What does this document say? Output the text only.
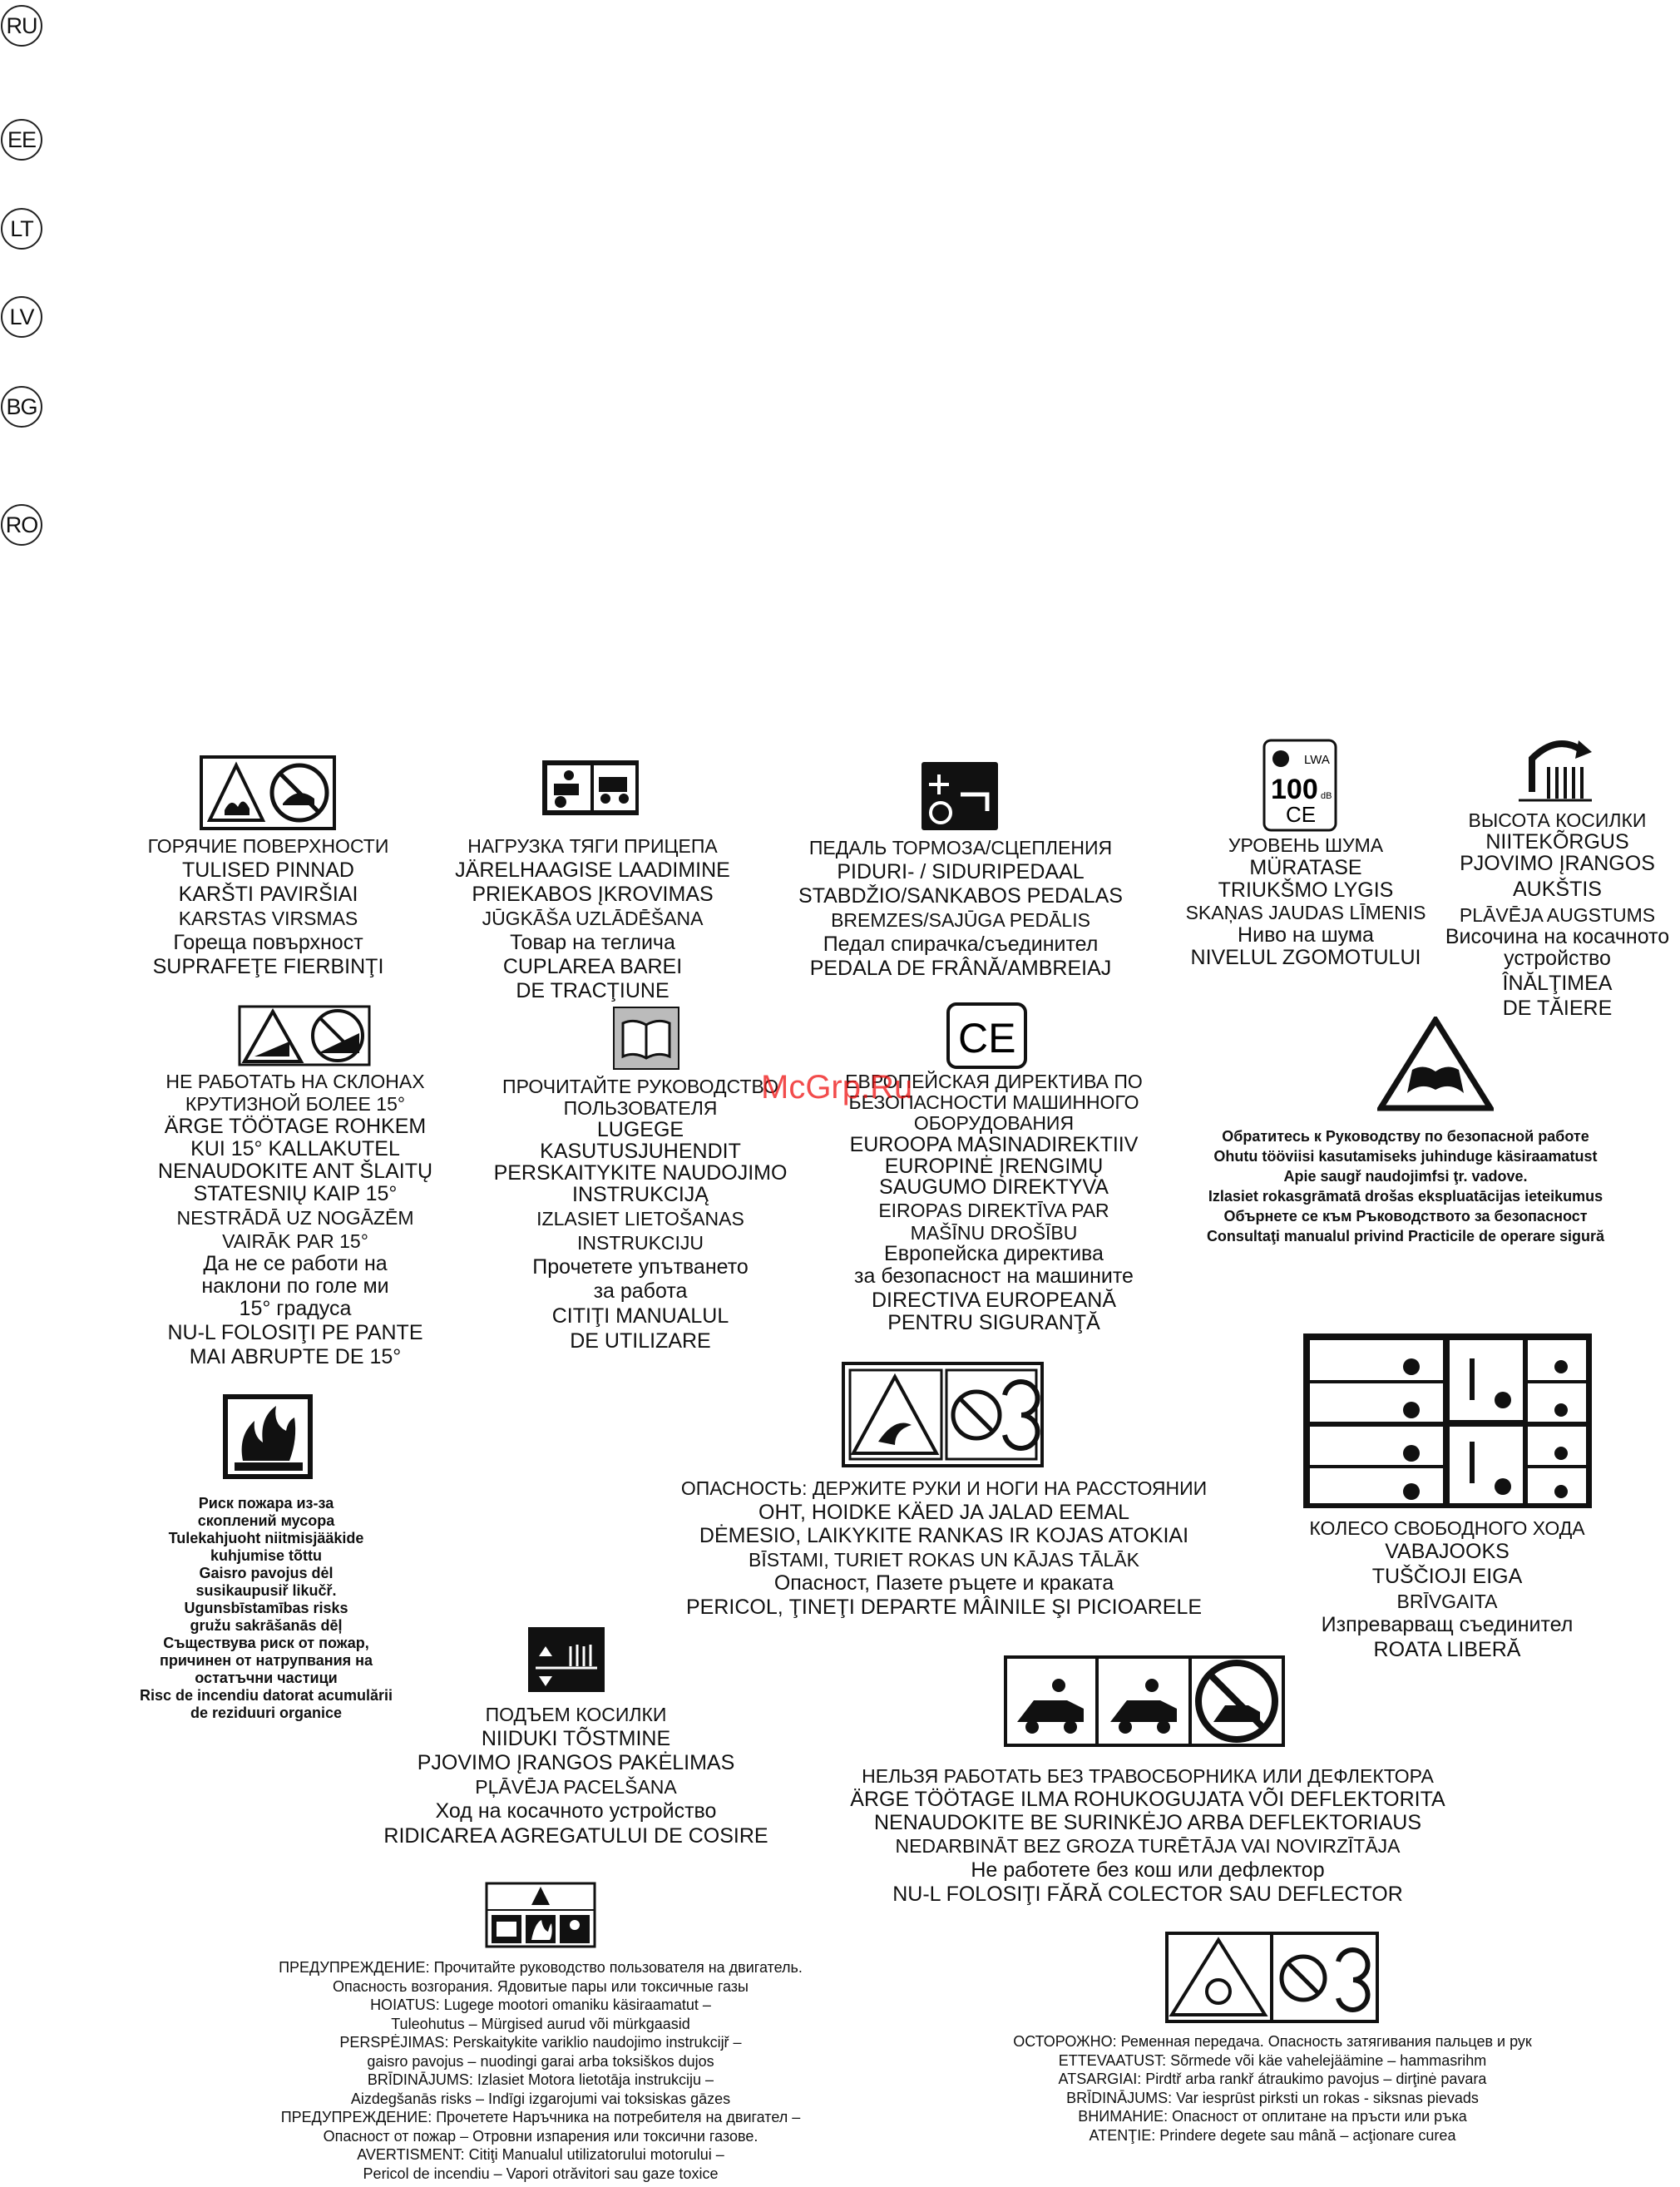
RU
EE
LT
LV
BG
RO
LWA
100 dB
CE
CE
ГОРЯЧИЕ ПОВЕРХНОСТИ
TULISED PINNAD
KARŠTI PAVIRŠIAI
KARSTAS VIRSMAS
Гореща повърхност
SUPRAFEŢE FIERBINŢI
НАГРУЗКА ТЯГИ ПРИЦЕПА
JÄRELHAAGISE LAADIMINE
PRIEKABOS ĮKROVIMAS
JŪGKĀŠA UZLĀDĒŠANA
Товар на теглича
CUPLAREA BAREI
DE TRACŢIUNE
ПЕДАЛЬ ТОРМОЗА/СЦЕПЛЕНИЯ
PIDURI- / SIDURIPEDAAL
STABDŽIO/SANKABOS PEDALAS
BREMZES/SAJŪGA PEDĀLIS
Педал спирачка/съединител
PEDALA DE FRÂNĂ/AMBREIAJ
УРОВЕНЬ ШУМА
MÜRATASE
TRIUKŠMO LYGIS
SKAŅAS JAUDAS LĪMENIS
Ниво на шума
NIVELUL ZGOMOTULUI
ВЫСОТА КОСИЛКИ
NIITEKÕRGUS
PJOVIMO ĮRANGOS
AUKŠTIS
PLĀVĒJA AUGSTUMS
Височина на косачното
устройство
ÎNĂLŢIMEA
DE TĂIERE
НЕ РАБОТАТЬ НА СКЛОНАХ
КРУТИЗНОЙ БОЛЕЕ 15°
ÄRGE TÖÖTAGE ROHKEM
KUI 15° KALLAKUTEL
NENAUDOKITE ANT ŠLAITŲ
STATESNIŲ KAIP 15°
NESTRĀDĀ UZ NOGĀZĒM
VAIRĀK PAR 15°
Да не се работи на
наклони по голе ми
15° градуса
NU-L FOLOSIŢI PE PANTE
MAI ABRUPTE DE 15°
ПРОЧИТАЙТЕ РУКОВОДСТВО
ПОЛЬЗОВАТЕЛЯ
LUGEGE
KASUTUSJUHENDIT
PERSKAITYKITE NAUDOJIMO
INSTRUKCIJĄ
IZLASIET LIETOŠANAS
INSTRUKCIJU
Прочетете упътването
за работа
CITIŢI MANUALUL
DE UTILIZARE
ЕВРОПЕЙСКАЯ ДИРЕКТИВА ПО
БЕЗОПАСНОСТИ МАШИННОГО
ОБОРУДОВАНИЯ
EUROOPA MASINADIREKTIIV
EUROPINĖ ĮRENGIMŲ
SAUGUMO DIREKTYVA
EIROPAS DIREKTĪVA PAR
MAŠĪNU DROŠĪBU
Европейска директива
за безопасност на машините
DIRECTIVA EUROPEANĂ
PENTRU SIGURANŢĂ
Обратитесь к Руководству по безопасной работе
Ohutu tööviisi kasutamiseks juhinduge käsiraamatust
Apie saugř naudojimfsi ţr. vadove.
Izlasiet rokasgrāmatā drošas ekspluatācijas ieteikumus
Обърнете се към Ръководството за безопасност
Consultaţi manualul privind Practicile de operare sigură
Риск пожара из-за
скоплений мусора
Tulekahjuoht niitmisjääkide
kuhjumise tõttu
Gaisro pavojus dėl
susikaupusiř likučř.
Ugunsbīstamības risks
gružu sakrāšanās dēļ
Съществува риск от пожар,
причинен от натрупвания на
остатъчни частици
Risc de incendiu datorat acumulării
de reziduuri organice
ОПАСНОСТЬ: ДЕРЖИТЕ РУКИ И НОГИ НА РАССТОЯНИИ
OHT, HOIDKE KÄED JA JALAD EEMAL
DĖMESIO, LAIKYKITE RANKAS IR KOJAS ATOKIAI
BĪSTAMI, TURIET ROKAS UN KĀJAS TĀLĀK
Опасност, Пазете ръцете и краката
PERICOL, ŢINEŢI DEPARTE MÂINILE ŞI PICIOARELE
КОЛЕСО СВОБОДНОГО ХОДА
VABAJOOKS
TUŠČIOJI EIGA
BRĪVGAITA
Изпреварващ съединител
ROATA LIBERĂ
ПОДЪЕМ КОСИЛКИ
NIIDUKI TÕSTMINE
PJOVIMO ĮRANGOS PAKĖLIMAS
PĻĀVĒJA PACELŠANA
Ход на косачното устройство
RIDICAREA AGREGATULUI DE COSIRE
НЕЛЬЗЯ РАБОТАТЬ БЕЗ ТРАВОСБОРНИКА ИЛИ ДЕФЛЕКТОРА
ÄRGE TÖÖTAGE ILMA ROHUKOGUJATA VÕI DEFLEKTORITA
NENAUDOKITE BE SURINKĖJO ARBA DEFLEKTORIAUS
NEDARBINĀT BEZ GROZA TURĒTĀJA VAI NOVIRZĪTĀJA
Не работете без кош или дефлектор
NU-L FOLOSIŢI FĂRĂ COLECTOR SAU DEFLECTOR
ПРЕДУПРЕЖДЕНИЕ: Прочитайте руководство пользователя на двигатель.
Опасность возгорания. Ядовитые пары или токсичные газы
HOIATUS: Lugege mootori omaniku käsiraamatut –
Tuleohutus – Mürgised aurud või mürkgaasid
PERSPĖJIMAS: Perskaitykite variklio naudojimo instrukcijř –
gaisro pavojus – nuodingi garai arba toksiškos dujos
BRĪDINĀJUMS: Izlasiet Motora lietotāja instrukciju –
Aizdegšanās risks – Indīgi izgarojumi vai toksiskas gāzes
ПРЕДУПРЕЖДЕНИЕ: Прочетете Наръчника на потребителя на двигател –
Опасност от пожар – Отровни изпарения или токсични газове.
AVERTISMENT: Citiţi Manualul utilizatorului motorului –
Pericol de incendiu – Vapori otrăvitori sau gaze toxice
ОСТОРОЖНО: Ременная передача. Опасность затягивания пальцев и рук
ETTEVAATUST: Sõrmede või käe vahelejäämine – hammasrihm
ATSARGIAI: Pirdtř arba rankř átraukimo pavojus – dirţinė pavara
BRĪDINĀJUMS: Var iesprūst pirksti un rokas - siksnas pievads
ВНИМАНИЕ: Опасност от оплитане на пръсти или ръка
ATENŢIE: Prindere degete sau mână – acţionare curea
McGrp.Ru
